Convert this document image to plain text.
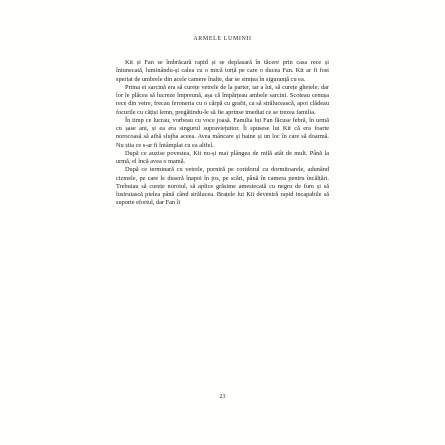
ARMELE LUMINII

Kit și Fan se îmbrăcară rapid și se deplasară în tăcere prin casa rece și întunecată, luminându-și calea cu o mică torță pe care o ducea Fan. Kit ar fi fost speriat de umbrele din acele camere înalte, dar se simțea în siguranță cu ea.

Prima ei sarcină era să curețe vetrele de la parter, iar a lui, să curețe ghetele; dar lor le plăcea să lucreze împreună, așa că împărțeau ambele sarcini. Scoteau cenușa rece din vetre, frecau feroneria cu o cârpă cu grafit, ca să strălucească, apoi clădeau focurile cu cățiși lemn, pregătindu-le să fie aprinse imediat ce se trezea familia.

În timp ce lucrau, vorbeau cu voce joasă. Familia lui Fan făcuse febră, în urmă cu șase ani, și ea era singurul supraviețuitor. Îi spusese lui Kit că era foarte norocoasă să aibă slujba aceea. Avea mâncare și haine și un loc în care să doarmă. Nu știa ce s-ar fi întâmplat cu ea altfel.

După ce auzise povestea, Kit nu-și mai plângea de milă atât de mult. Până la urmă, el încă avea o mamă.

După ce terminară cu vetrele, porniră pe coridorul cu dormitoarele, adunând cizmele, pe care le duseră înapoi în jos, pe scări, până în camera pentru încălțări. Trebuiau să curețe noroiul, să aplice grăsime amestecată cu negru de fum și să lustruiască pielea până când străluceа. Brațele lui Kit deveniră rapid incapabile să suporte efortul, dar Fan îi

23
